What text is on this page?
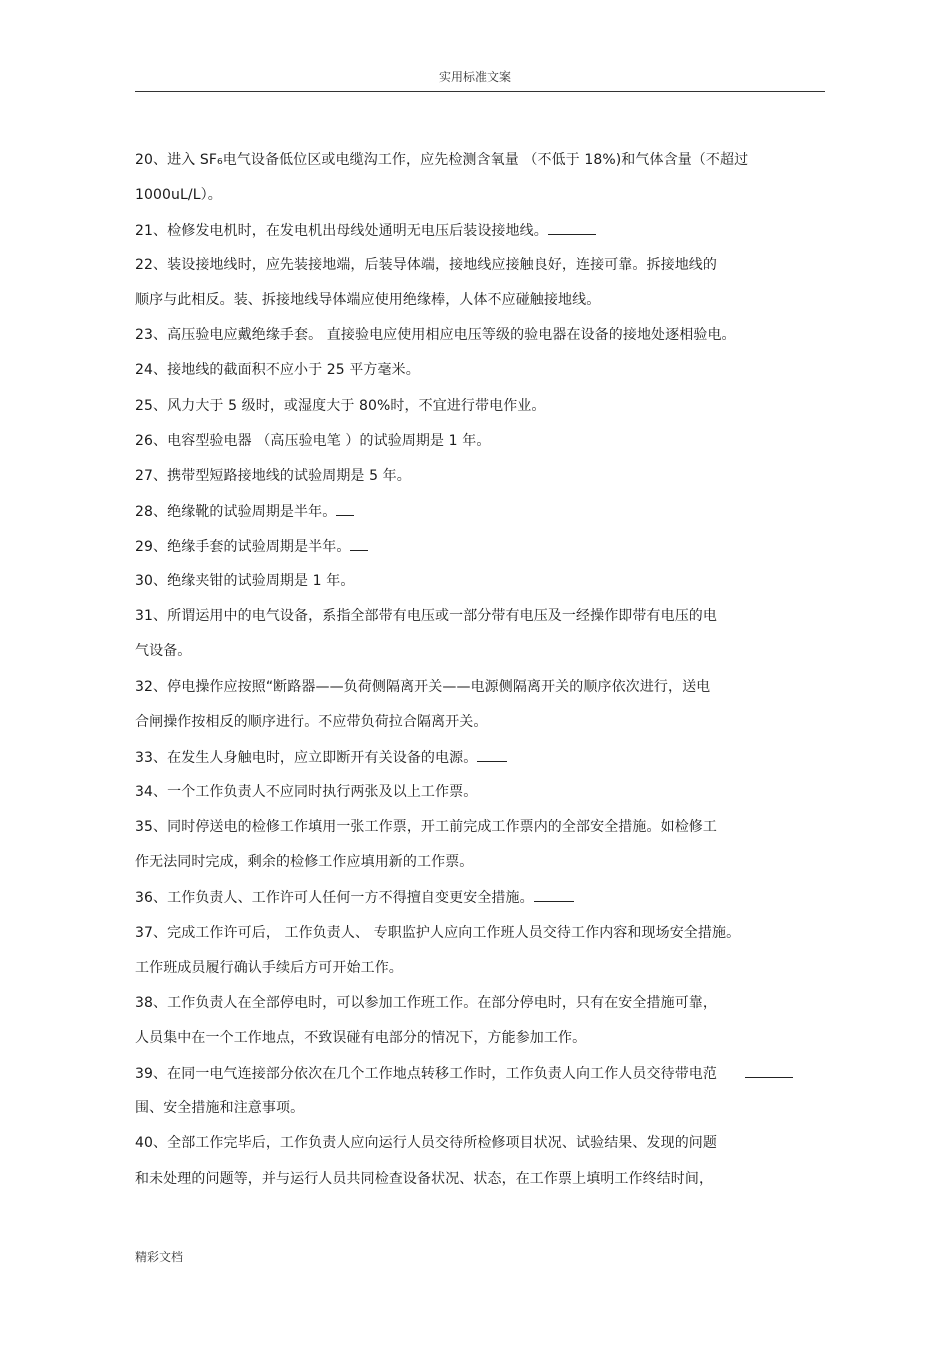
实用标准文案
20、进入 SF₆电气设备低位区或电缆沟工作，应先检测含氧量 （不低于 18%)和气体含量（不超过
1000uL/L）。
21、检修发电机时，在发电机出母线处通明无电压后装设接地线。
22、装设接地线时，应先装接地端，后装导体端，接地线应接触良好，连接可靠。拆接地线的
顺序与此相反。装、拆接地线导体端应使用绝缘棒，人体不应碰触接地线。
23、高压验电应戴绝缘手套。 直接验电应使用相应电压等级的验电器在设备的接地处逐相验电。
24、接地线的截面积不应小于 25 平方毫米。
25、风力大于 5 级时，或湿度大于 80%时，不宜进行带电作业。
26、电容型验电器 （高压验电笔 ）的试验周期是 1 年。
27、携带型短路接地线的试验周期是 5 年。
28、绝缘靴的试验周期是半年。
29、绝缘手套的试验周期是半年。
30、绝缘夹钳的试验周期是 1 年。
31、所谓运用中的电气设备，系指全部带有电压或一部分带有电压及一经操作即带有电压的电
气设备。
32、停电操作应按照“断路器——负荷侧隔离开关——电源侧隔离开关的顺序依次进行，送电
合闸操作按相反的顺序进行。不应带负荷拉合隔离开关。
33、在发生人身触电时，应立即断开有关设备的电源。
34、一个工作负责人不应同时执行两张及以上工作票。
35、同时停送电的检修工作填用一张工作票，开工前完成工作票内的全部安全措施。如检修工
作无法同时完成，剩余的检修工作应填用新的工作票。
36、工作负责人、工作许可人任何一方不得擅自变更安全措施。
37、完成工作许可后， 工作负责人、 专职监护人应向工作班人员交待工作内容和现场安全措施。
工作班成员履行确认手续后方可开始工作。
38、工作负责人在全部停电时，可以参加工作班工作。在部分停电时，只有在安全措施可靠，
人员集中在一个工作地点，不致误碰有电部分的情况下，方能参加工作。
39、在同一电气连接部分依次在几个工作地点转移工作时，工作负责人向工作人员交待带电范
围、安全措施和注意事项。
40、全部工作完毕后，工作负责人应向运行人员交待所检修项目状况、试验结果、发现的问题
和未处理的问题等，并与运行人员共同检查设备状况、状态，在工作票上填明工作终结时间，
精彩文档
